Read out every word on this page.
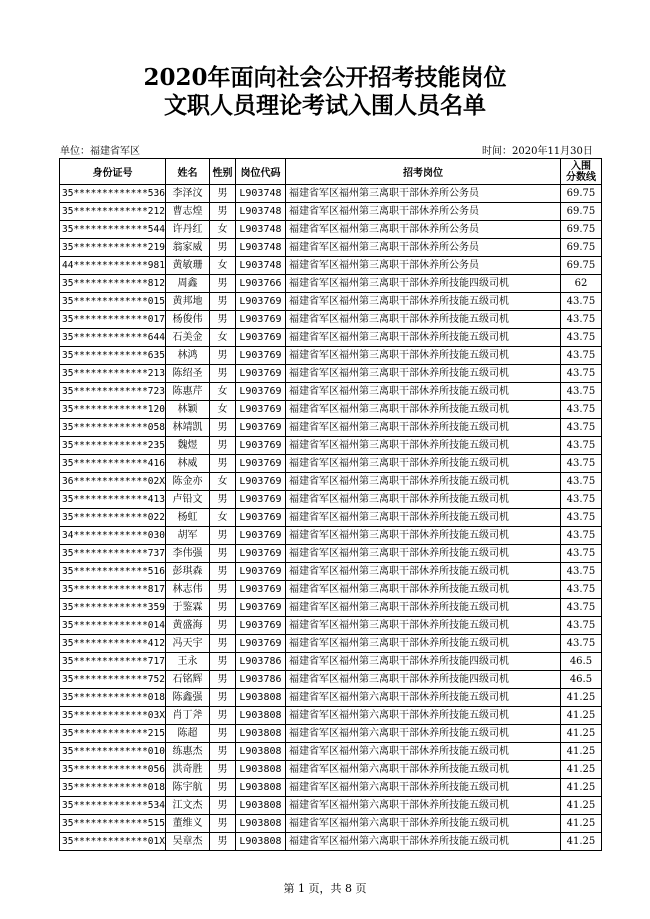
2020年面向社会公开招考技能岗位
文职人员理论考试入围人员名单
单位：福建省军区	时间：2020年11月30日
身份证号	姓名	性别	岗位代码	招考岗位	入围
分数线
35*************536	李泽汶	男	L903748	福建省军区福州第三离职干部休养所公务员	69.75
35*************212	曹志煌	男	L903748	福建省军区福州第三离职干部休养所公务员	69.75
35*************544	许丹红	女	L903748	福建省军区福州第三离职干部休养所公务员	69.75
35*************219	翁家威	男	L903748	福建省军区福州第三离职干部休养所公务员	69.75
44*************981	黄敏珊	女	L903748	福建省军区福州第三离职干部休养所公务员	69.75
35*************812	周鑫	男	L903766	福建省军区福州第三离职干部休养所技能四级司机	62
35*************015	黄邦地	男	L903769	福建省军区福州第三离职干部休养所技能五级司机	43.75
35*************017	杨俊伟	男	L903769	福建省军区福州第三离职干部休养所技能五级司机	43.75
35*************644	石美金	女	L903769	福建省军区福州第三离职干部休养所技能五级司机	43.75
35*************635	林鸿	男	L903769	福建省军区福州第三离职干部休养所技能五级司机	43.75
35*************213	陈绍圣	男	L903769	福建省军区福州第三离职干部休养所技能五级司机	43.75
35*************723	陈惠芹	女	L903769	福建省军区福州第三离职干部休养所技能五级司机	43.75
35*************120	林颖	女	L903769	福建省军区福州第三离职干部休养所技能五级司机	43.75
35*************058	林靖凯	男	L903769	福建省军区福州第三离职干部休养所技能五级司机	43.75
35*************235	魏煜	男	L903769	福建省军区福州第三离职干部休养所技能五级司机	43.75
35*************416	林威	男	L903769	福建省军区福州第三离职干部休养所技能五级司机	43.75
36*************02X	陈金亦	女	L903769	福建省军区福州第三离职干部休养所技能五级司机	43.75
35*************413	卢铅文	男	L903769	福建省军区福州第三离职干部休养所技能五级司机	43.75
35*************022	杨虹	女	L903769	福建省军区福州第三离职干部休养所技能五级司机	43.75
34*************030	胡军	男	L903769	福建省军区福州第三离职干部休养所技能五级司机	43.75
35*************737	李伟强	男	L903769	福建省军区福州第三离职干部休养所技能五级司机	43.75
35*************516	彭琪森	男	L903769	福建省军区福州第三离职干部休养所技能五级司机	43.75
35*************817	林志伟	男	L903769	福建省军区福州第三离职干部休养所技能五级司机	43.75
35*************359	于鉴霖	男	L903769	福建省军区福州第三离职干部休养所技能五级司机	43.75
35*************014	黄盛海	男	L903769	福建省军区福州第三离职干部休养所技能五级司机	43.75
35*************412	冯天宇	男	L903769	福建省军区福州第三离职干部休养所技能五级司机	43.75
35*************717	王永	男	L903786	福建省军区福州第三离职干部休养所技能四级司机	46.5
35*************752	石铭辉	男	L903786	福建省军区福州第三离职干部休养所技能四级司机	46.5
35*************018	陈鑫强	男	L903808	福建省军区福州第六离职干部休养所技能五级司机	41.25
35*************03X	肖丁斧	男	L903808	福建省军区福州第六离职干部休养所技能五级司机	41.25
35*************215	陈超	男	L903808	福建省军区福州第六离职干部休养所技能五级司机	41.25
35*************010	练惠杰	男	L903808	福建省军区福州第六离职干部休养所技能五级司机	41.25
35*************056	洪奇胜	男	L903808	福建省军区福州第六离职干部休养所技能五级司机	41.25
35*************018	陈宇航	男	L903808	福建省军区福州第六离职干部休养所技能五级司机	41.25
35*************534	江文杰	男	L903808	福建省军区福州第六离职干部休养所技能五级司机	41.25
35*************515	董维义	男	L903808	福建省军区福州第六离职干部休养所技能五级司机	41.25
35*************01X	吴章杰	男	L903808	福建省军区福州第六离职干部休养所技能五级司机	41.25
第 1 页，共 8 页
